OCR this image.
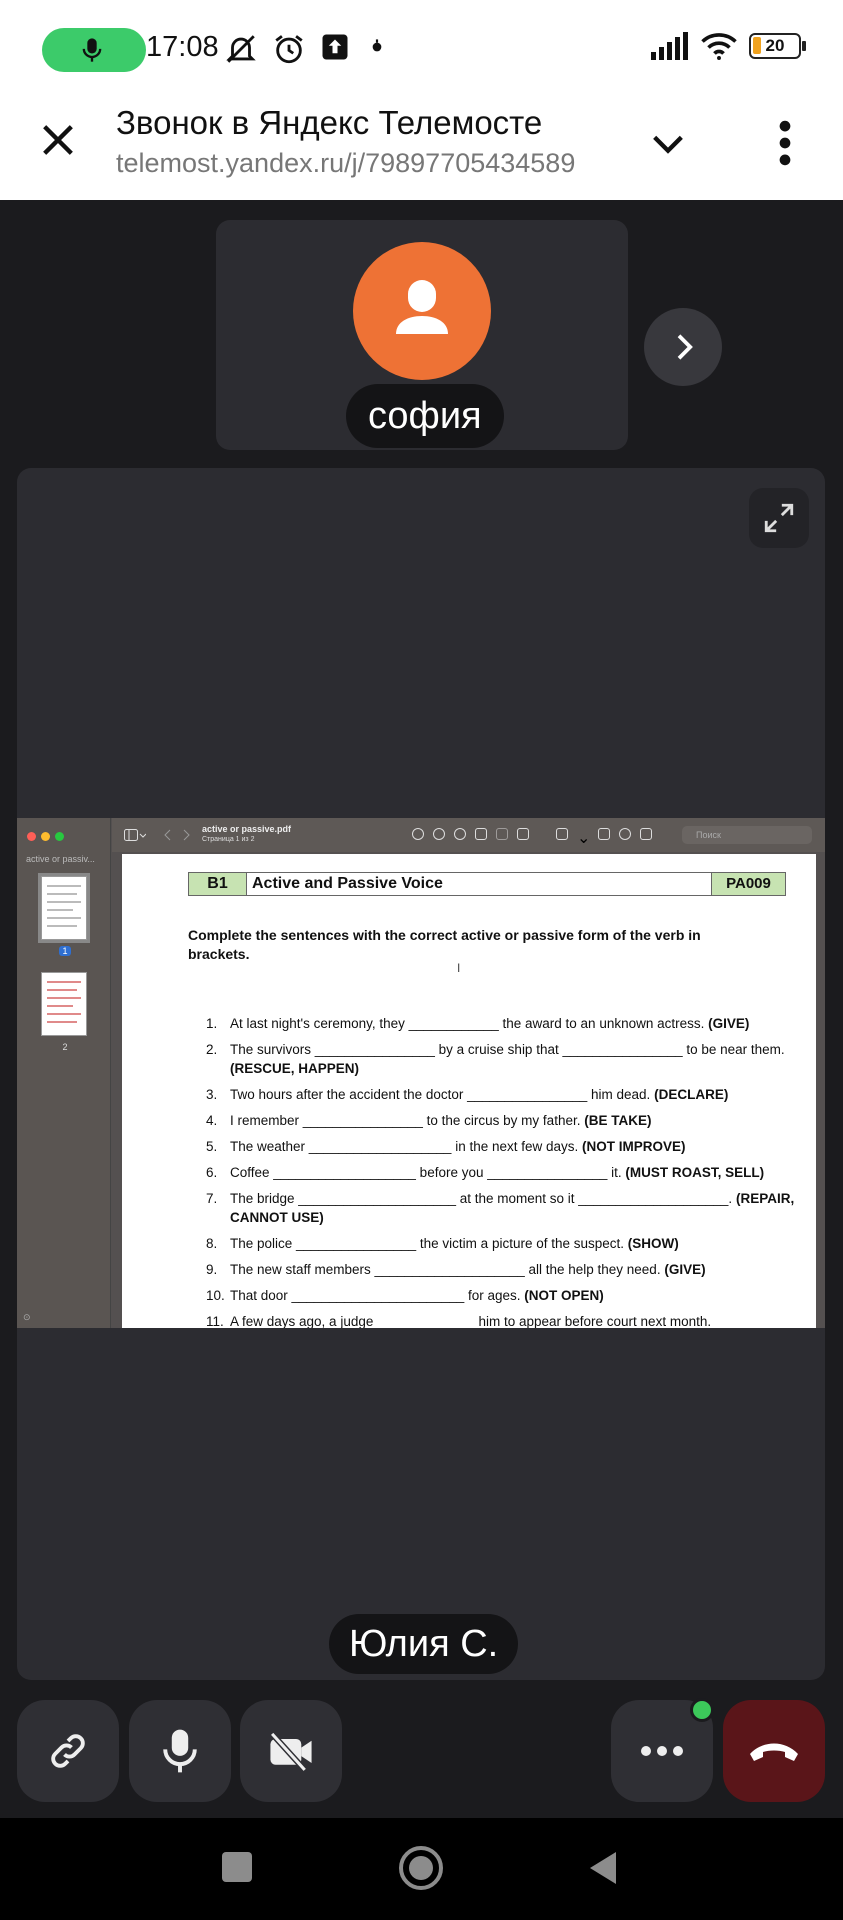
17:08	20
Звонок в Яндекс Телемосте
telemost.yandex.ru/j/79897705434589
софия
active or passiv...
1
2
⊙
active or passive.pdf
Страница 1 из 2	⌄	Поиск
B1	Active and Passive Voice	PA009
Complete the sentences with the correct active or passive form of the verb in brackets.
I
1. At last night's ceremony, they ____________ the award to an unknown actress. (GIVE)
2. The survivors ________________ by a cruise ship that ________________ to be near them. (RESCUE, HAPPEN)
3. Two hours after the accident the doctor ________________ him dead. (DECLARE)
4. I remember ________________ to the circus by my father. (BE TAKE)
5. The weather ___________________ in the next few days. (NOT IMPROVE)
6. Coffee ___________________ before you ________________ it. (MUST ROAST, SELL)
7. The bridge _____________________ at the moment so it ____________________. (REPAIR, CANNOT USE)
8. The police ________________ the victim a picture of the suspect. (SHOW)
9. The new staff members ____________________ all the help they need. (GIVE)
10. That door _______________________ for ages. (NOT OPEN)
11. A few days ago, a judge _____________ him to appear before court next month.
Юлия С.
